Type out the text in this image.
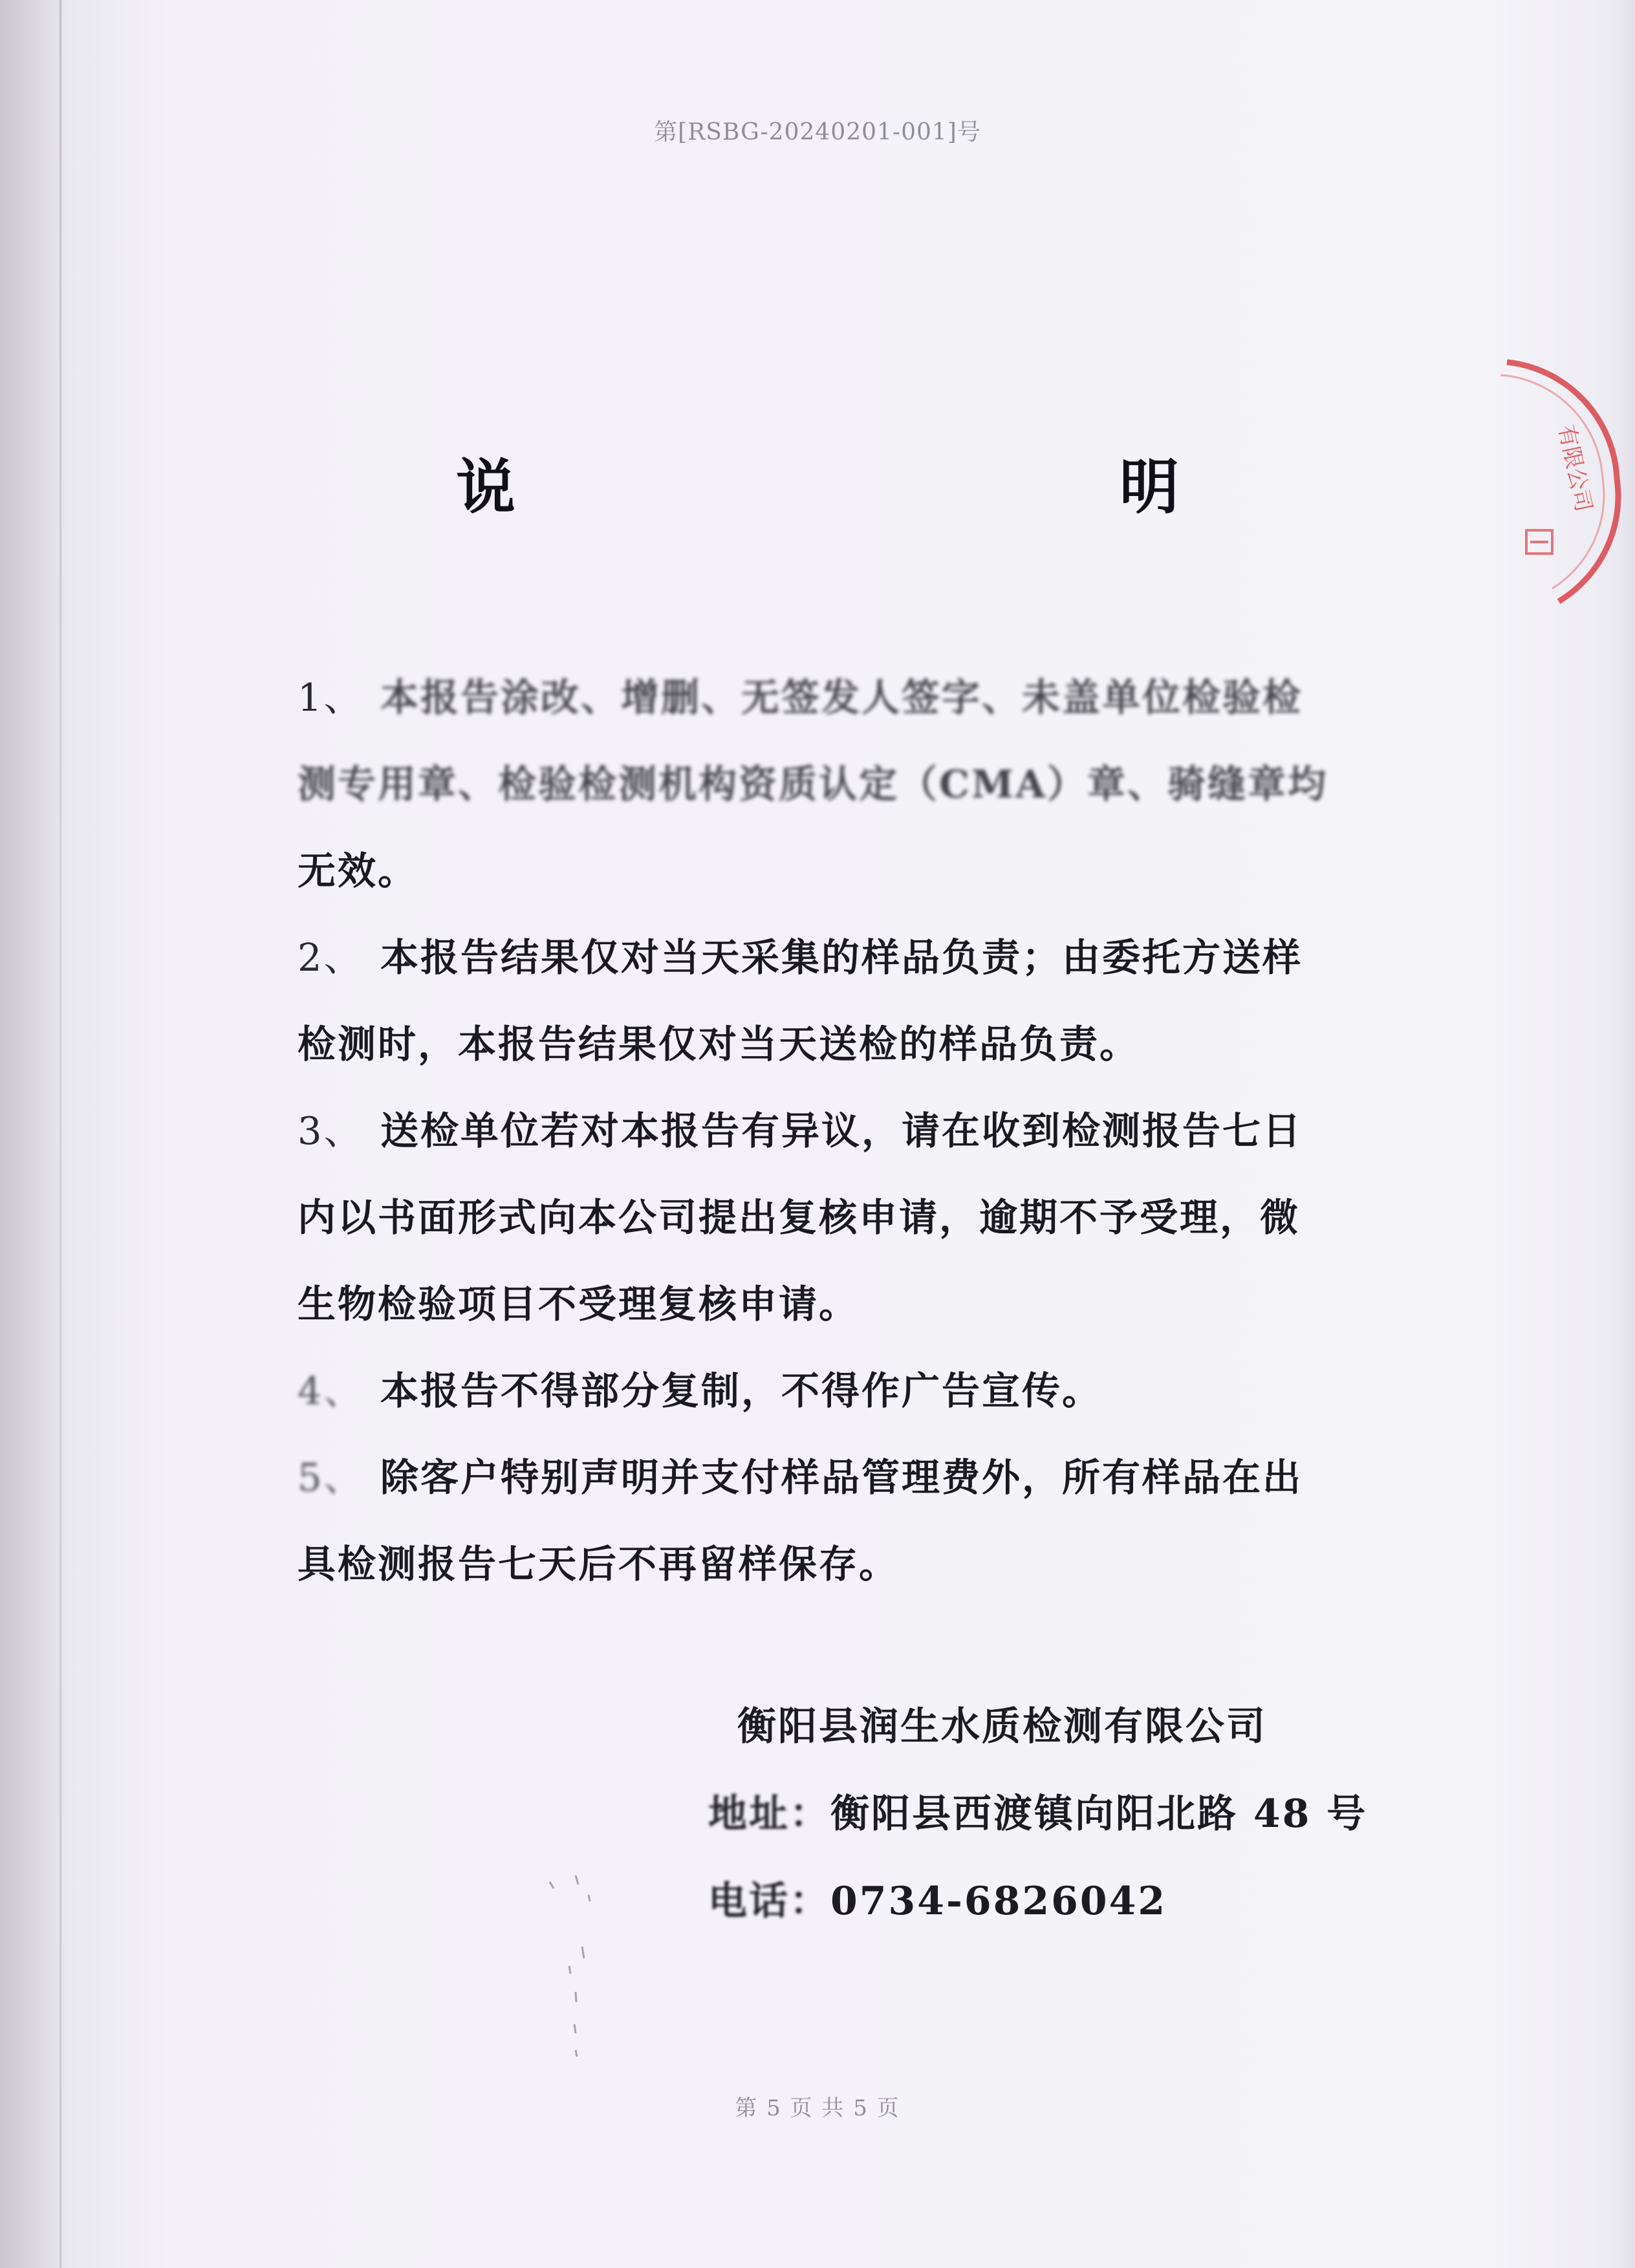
第[RSBG-20240201-001]号
有限公司
说　　明

1、 本报告涂改、增删、无签发人签字、未盖单位检验检

测专用章、检验检测机构资质认定（CMA）章、骑缝章均

无效。

2、 本报告结果仅对当天采集的样品负责；由委托方送样

检测时，本报告结果仅对当天送检的样品负责。

3、 送检单位若对本报告有异议，请在收到检测报告七日

内以书面形式向本公司提出复核申请，逾期不予受理，微

生物检验项目不受理复核申请。

4、 本报告不得部分复制，不得作广告宣传。

5、 除客户特别声明并支付样品管理费外，所有样品在出

具检测报告七天后不再留样保存。

衡阳县润生水质检测有限公司
地址：衡阳县西渡镇向阳北路 48 号
电话：0734-6826042
第 5 页 共 5 页
